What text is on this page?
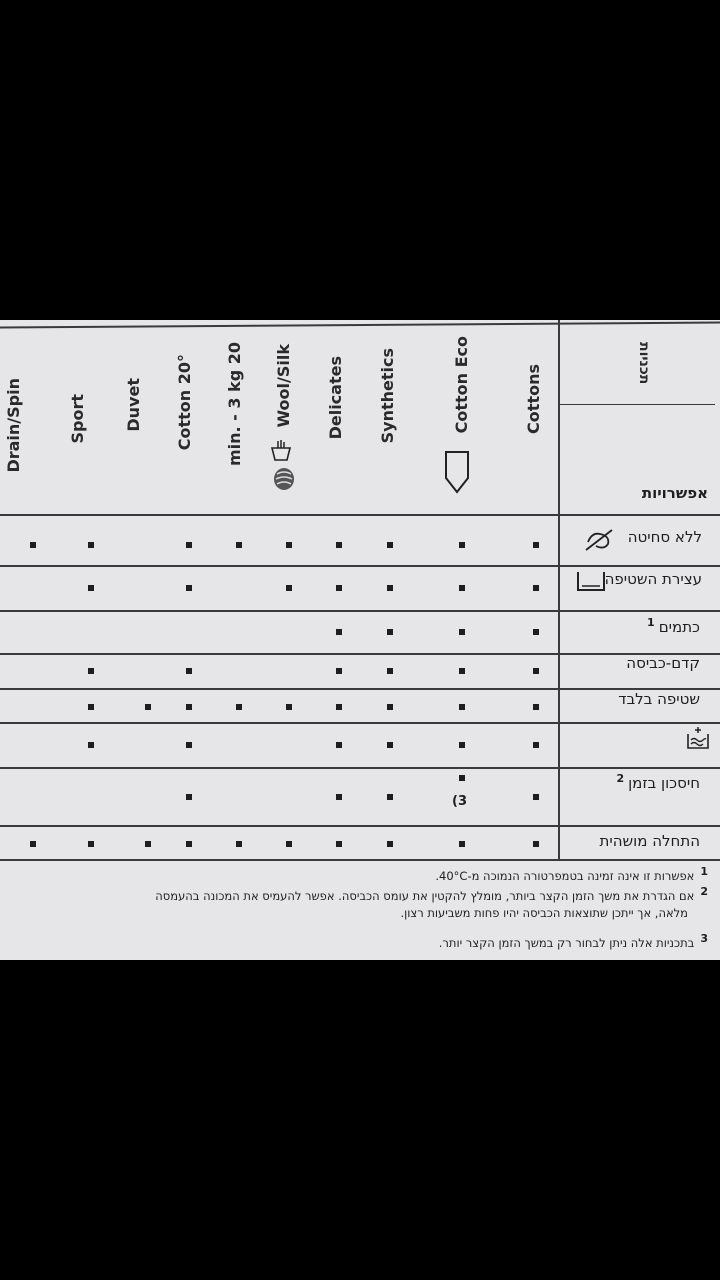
תכניות
אפשרויות
Cottons
Cotton Eco
Synthetics
Delicates
Wool/Silk
min. - 3 kg 20
Cotton 20°
Duvet
Sport
Drain/Spin
ללא סחיטה
עצירת השטיפה
כתמים$^1$
קדם-כביסה
שטיפה בלבד
חיסכון בזמן$^2$
(3
התחלה מושהית
1אפשרות זו אינה זמינה בטמפרטורה הנמוכה מ-40°C.
2אם הגדרת את משך הזמן הקצר ביותר, מומלץ להקטין את עומס הכביסה. אפשר להעמיס את המכונה בהעמסה
מלאה, אך ייתכן שתוצאות הכביסה יהיו פחות משביעות רצון.
3בתכניות אלה ניתן לבחור רק במשך הזמן הקצר יותר.
